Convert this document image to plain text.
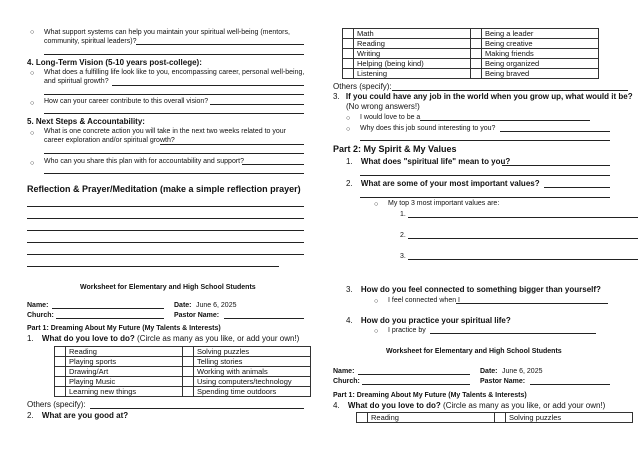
○ What support systems can help you maintain your spiritual well-being (mentors, community, spiritual leaders)?
4. Long-Term Vision (5-10 years post-college):
○ What does a fulfilling life look like to you, encompassing career, personal well-being, and spiritual growth?
○ How can your career contribute to this overall vision?
5. Next Steps & Accountability:
○ What is one concrete action you will take in the next two weeks related to your career exploration and/or spiritual growth?
○ Who can you share this plan with for accountability and support?
Reflection & Prayer/Meditation (make a simple reflection prayer)
Worksheet for Elementary and High School Students
Name:	Date: June 6, 2025
Church:	Pastor Name:
Part 1: Dreaming About My Future (My Talents & Interests)
1. What do you love to do? (Circle as many as you like, or add your own!)
	Reading		Solving puzzles
	Playing sports		Telling stories
	Drawing/Art		Working with animals
	Playing Music		Using computers/technology
	Learning new things		Spending time outdoors
Others (specify):
2. What are you good at?
	Math		Being a leader
	Reading		Being creative
	Writing		Making friends
	Helping (being kind)		Being organized
	Listening		Being braved
Others (specify):
3. If you could have any job in the world when you grow up, what would it be?
(No wrong answers!)
○ I would love to be a
○ Why does this job sound interesting to you?
Part 2: My Spirit & My Values
1. What does "spiritual life" mean to you?
2. What are some of your most important values?
○ My top 3 most important values are:
1.
2.
3.
3. How do you feel connected to something bigger than yourself?
○ I feel connected when I
4. How do you practice your spiritual life?
○ I practice by
Worksheet for Elementary and High School Students
Name:	Date: June 6, 2025
Church:	Pastor Name:
Part 1: Dreaming About My Future (My Talents & Interests)
4. What do you love to do? (Circle as many as you like, or add your own!)
	Reading		Solving puzzles
